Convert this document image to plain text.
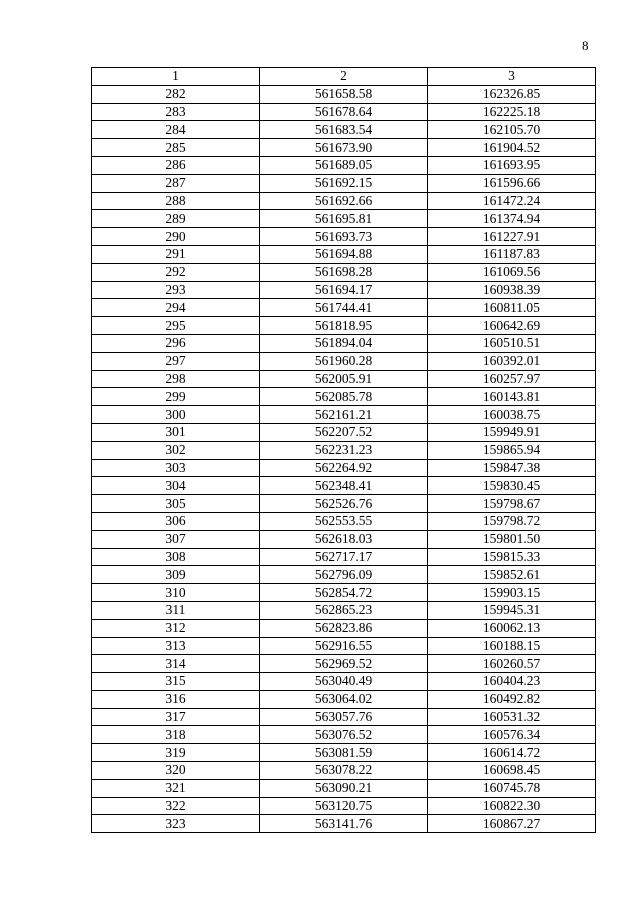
8
1	2	3
282	561658.58	162326.85
283	561678.64	162225.18
284	561683.54	162105.70
285	561673.90	161904.52
286	561689.05	161693.95
287	561692.15	161596.66
288	561692.66	161472.24
289	561695.81	161374.94
290	561693.73	161227.91
291	561694.88	161187.83
292	561698.28	161069.56
293	561694.17	160938.39
294	561744.41	160811.05
295	561818.95	160642.69
296	561894.04	160510.51
297	561960.28	160392.01
298	562005.91	160257.97
299	562085.78	160143.81
300	562161.21	160038.75
301	562207.52	159949.91
302	562231.23	159865.94
303	562264.92	159847.38
304	562348.41	159830.45
305	562526.76	159798.67
306	562553.55	159798.72
307	562618.03	159801.50
308	562717.17	159815.33
309	562796.09	159852.61
310	562854.72	159903.15
311	562865.23	159945.31
312	562823.86	160062.13
313	562916.55	160188.15
314	562969.52	160260.57
315	563040.49	160404.23
316	563064.02	160492.82
317	563057.76	160531.32
318	563076.52	160576.34
319	563081.59	160614.72
320	563078.22	160698.45
321	563090.21	160745.78
322	563120.75	160822.30
323	563141.76	160867.27
